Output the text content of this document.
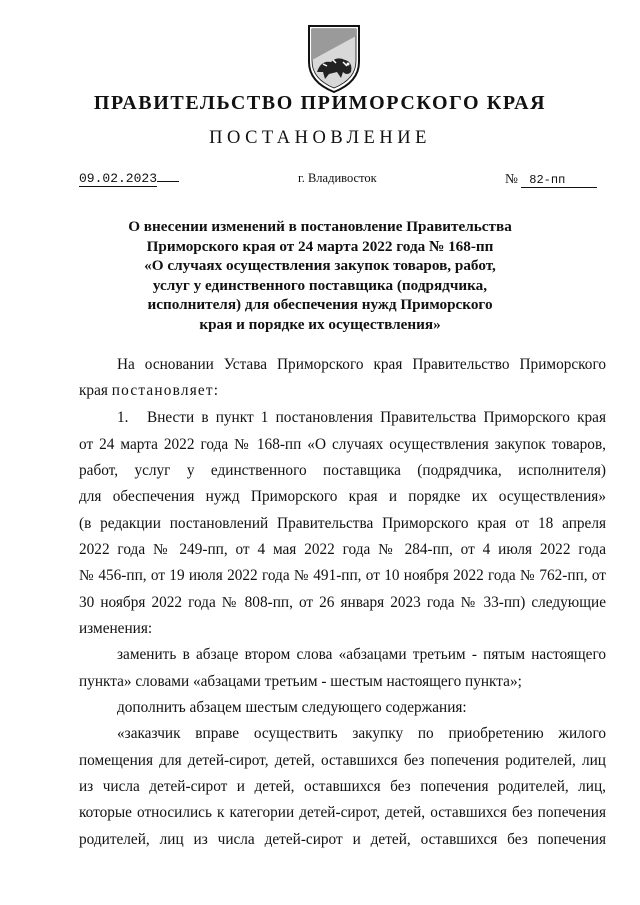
ПРАВИТЕЛЬСТВО ПРИМОРСКОГО КРАЯ
ПОСТАНОВЛЕНИЕ
09.02.2023	г. Владивосток	№ 82-пп
О внесении изменений в постановление Правительства
Приморского края от 24 марта 2022 года № 168-пп
«О случаях осуществления закупок товаров, работ,
услуг у единственного поставщика (подрядчика,
исполнителя) для обеспечения нужд Приморского
края и порядке их осуществления»
На основании Устава Приморского края Правительство Приморского
края постановляет:
1.	Внести в пункт 1 постановления Правительства Приморского края
от 24 марта 2022 года № 168-пп «О случаях осуществления закупок товаров,
работ, услуг у единственного поставщика (подрядчика, исполнителя)
для обеспечения нужд Приморского края и порядке их осуществления»
(в редакции постановлений Правительства Приморского края от 18 апреля
2022 года № 249-пп, от 4 мая 2022 года № 284-пп, от 4 июля 2022 года
№ 456-пп, от 19 июля 2022 года № 491-пп, от 10 ноября 2022 года № 762-пп, от
30 ноября 2022 года № 808-пп, от 26 января 2023 года № 33-пп) следующие
изменения:
заменить в абзаце втором слова «абзацами третьим - пятым настоящего
пункта» словами «абзацами третьим - шестым настоящего пункта»;
дополнить абзацем шестым следующего содержания:
«заказчик вправе осуществить закупку по приобретению жилого
помещения для детей-сирот, детей, оставшихся без попечения родителей, лиц
из числа детей-сирот и детей, оставшихся без попечения родителей, лиц,
которые относились к категории детей-сирот, детей, оставшихся без попечения
родителей, лиц из числа детей-сирот и детей, оставшихся без попечения
